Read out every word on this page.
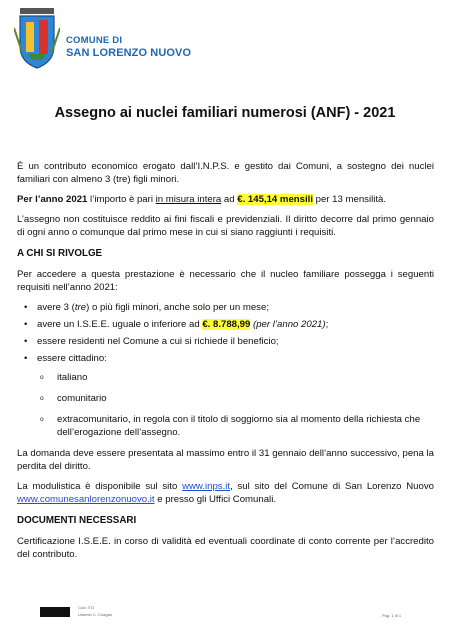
COMUNE DI
SAN LORENZO NUOVO
Assegno ai nuclei familiari numerosi (ANF) - 2021

È un contributo economico erogato dall’I.N.P.S. e gestito dai Comuni, a sostegno dei nuclei familiari con almeno 3 (tre) figli minori.

Per l’anno 2021 l’importo è pari in misura intera ad €. 145,14 mensili per 13 mensilità.

L’assegno non costituisce reddito ai fini fiscali e previdenziali. Il diritto decorre dal primo gennaio di ogni anno o comunque dal primo mese in cui si siano raggiunti i requisiti.

A CHI SI RIVOLGE

Per accedere a questa prestazione è necessario che il nucleo familiare possegga i seguenti requisiti nell’anno 2021:

• avere 3 (tre) o più figli minori, anche solo per un mese;
• avere un I.S.E.E. uguale o inferiore ad €. 8.788,99 (per l’anno 2021);
• essere residenti nel Comune a cui si richiede il beneficio;
• essere cittadino:
o italiano
o comunitario
o extracomunitario, in regola con il titolo di soggiorno sia al momento della richiesta che dell’erogazione dell’assegno.

La domanda deve essere presentata al massimo entro il 31 gennaio dell’anno successivo, pena la perdita del diritto.

La modulistica è disponibile sul sito www.inps.it, sul sito del Comune di San Lorenzo Nuovo www.comunesanlorenzonuovo.it e presso gli Uffici Comunali.

DOCUMENTI NECESSARI

Certificazione I.S.E.E. in corso di validità ed eventuali coordinate di conto corrente per l’accredito del contributo.

Cod. ITO
Usbmtn C. Coagan	Pag. 1 di 1
